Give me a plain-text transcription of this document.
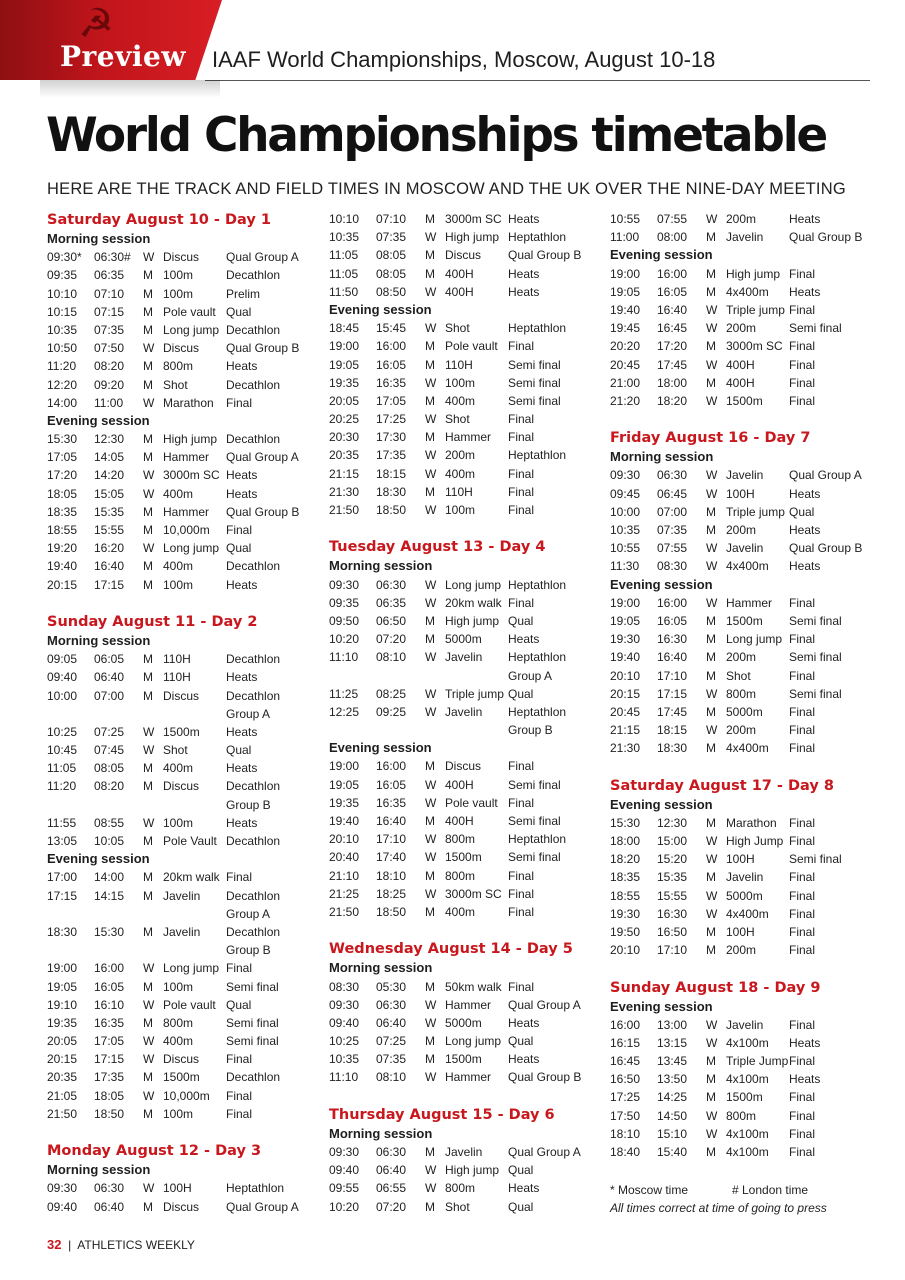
☭
Preview IAAF World Championships, Moscow, August 10-18
World Championships timetable
HERE ARE THE TRACK AND FIELD TIMES IN MOSCOW AND THE UK OVER THE NINE-DAY MEETING
Saturday August 10 - Day 1
Morning session
09:30* 06:30# W Discus Qual Group A
09:35 06:35 M 100m	Decathlon
10:10 07:10 M 100m	Prelim
10:15 07:15 M Pole vault Qual
10:35 07:35 M Long jump Decathlon
10:50 07:50 W Discus Qual Group B
11:20 08:20 M 800m	Heats
12:20 09:20 M Shot	Decathlon
14:00 11:00 W Marathon Final
Evening session
15:30 12:30 M High jump Decathlon
17:05 14:05 M Hammer Qual Group A
17:20 14:20 W 3000m SC Heats
18:05 15:05 W 400m	Heats
18:35 15:35 M Hammer Qual Group B
18:55 15:55 M 10,000m Final
19:20 16:20 W Long jump Qual
19:40 16:40 M 400m	Decathlon
20:15 17:15 M 100m	Heats
Sunday August 11 - Day 2
Morning session
09:05 06:05 M 110H	Decathlon
09:40 06:40 M 110H	Heats
10:00 07:00 M Discus Decathlon
Group A
10:25 07:25 W 1500m Heats
10:45 07:45 W Shot	Qual
11:05 08:05 M 400m	Heats
11:20 08:20 M Discus Decathlon
Group B
11:55 08:55 W 100m	Heats
13:05 10:05 M Pole Vault Decathlon
Evening session
17:00 14:00 M 20km walk Final
17:15 14:15 M Javelin Decathlon
Group A
18:30 15:30 M Javelin Decathlon
Group B
19:00 16:00 W Long jump Final
19:05 16:05 M 100m	Semi final
19:10 16:10 W Pole vault Qual
19:35 16:35 M 800m	Semi final
20:05 17:05 W 400m	Semi final
20:15 17:15 W Discus Final
20:35 17:35 M 1500m Decathlon
21:05 18:05 W 10,000m Final
21:50 18:50 M 100m	Final
Monday August 12 - Day 3
Morning session
09:30 06:30 W 100H	Heptathlon
09:40 06:40 M Discus Qual Group A
10:10 07:10 M 3000m SC Heats
10:35 07:35 W High jump Heptathlon
11:05 08:05 M Discus Qual Group B
11:05 08:05 M 400H	Heats
11:50 08:50 W 400H	Heats
Evening session
18:45 15:45 W Shot	Heptathlon
19:00 16:00 M Pole vault Final
19:05 16:05 M 110H	Semi final
19:35 16:35 W 100m	Semi final
20:05 17:05 M 400m	Semi final
20:25 17:25 W Shot	Final
20:30 17:30 M Hammer Final
20:35 17:35 W 200m	Heptathlon
21:15 18:15 W 400m	Final
21:30 18:30 M 110H	Final
21:50 18:50 W 100m	Final
Tuesday August 13 - Day 4
Morning session
09:30 06:30 W Long jump Heptathlon
09:35 06:35 W 20km walk Final
09:50 06:50 M High jump Qual
10:20 07:20 M 5000m Heats
11:10 08:10 W Javelin Heptathlon
Group A
11:25 08:25 W Triple jump Qual
12:25 09:25 W Javelin Heptathlon
Group B
Evening session
19:00 16:00 M Discus Final
19:05 16:05 W 400H	Semi final
19:35 16:35 W Pole vault Final
19:40 16:40 M 400H	Semi final
20:10 17:10 W 800m	Heptathlon
20:40 17:40 W 1500m Semi final
21:10 18:10 M 800m	Final
21:25 18:25 W 3000m SC Final
21:50 18:50 M 400m	Final
Wednesday August 14 - Day 5
Morning session
08:30 05:30 M 50km walk Final
09:30 06:30 W Hammer Qual Group A
09:40 06:40 W 5000m Heats
10:25 07:25 M Long jump Qual
10:35 07:35 M 1500m Heats
11:10 08:10 W Hammer Qual Group B
Thursday August 15 - Day 6
Morning session
09:30 06:30 M Javelin Qual Group A
09:40 06:40 W High jump Qual
09:55 06:55 W 800m	Heats
10:20 07:20 M Shot	Qual
10:55 07:55 W 200m	Heats
11:00 08:00 M Javelin Qual Group B
Evening session
19:00 16:00 M High jump Final
19:05 16:05 M 4x400m Heats
19:40 16:40 W Triple jump Final
19:45 16:45 W 200m	Semi final
20:20 17:20 M 3000m SC Final
20:45 17:45 W 400H	Final
21:00 18:00 M 400H	Final
21:20 18:20 W 1500m Final
Friday August 16 - Day 7
Morning session
09:30 06:30 W Javelin Qual Group A
09:45 06:45 W 100H	Heats
10:00 07:00 M Triple jump Qual
10:35 07:35 M 200m	Heats
10:55 07:55 W Javelin Qual Group B
11:30 08:30 W 4x400m Heats
Evening session
19:00 16:00 W Hammer Final
19:05 16:05 M 1500m Semi final
19:30 16:30 M Long jump Final
19:40 16:40 M 200m	Semi final
20:10 17:10 M Shot	Final
20:15 17:15 W 800m	Semi final
20:45 17:45 M 5000m Final
21:15 18:15 W 200m	Final
21:30 18:30 M 4x400m Final
Saturday August 17 - Day 8
Evening session
15:30 12:30 M Marathon Final
18:00 15:00 W High Jump Final
18:20 15:20 W 100H	Semi final
18:35 15:35 M Javelin Final
18:55 15:55 W 5000m Final
19:30 16:30 W 4x400m Final
19:50 16:50 M 100H	Final
20:10 17:10 M 200m	Final
Sunday August 18 - Day 9
Evening session
16:00 13:00 W Javelin Final
16:15 13:15 W 4x100m Heats
16:45 13:45 M Triple Jump Final
16:50 13:50 M 4x100m Heats
17:25 14:25 M 1500m Final
17:50 14:50 W 800m	Final
18:10 15:10 W 4x100m Final
18:40 15:40 M 4x100m Final
* Moscow time	# London time
All times correct at time of going to press
32 | ATHLETICS WEEKLY
